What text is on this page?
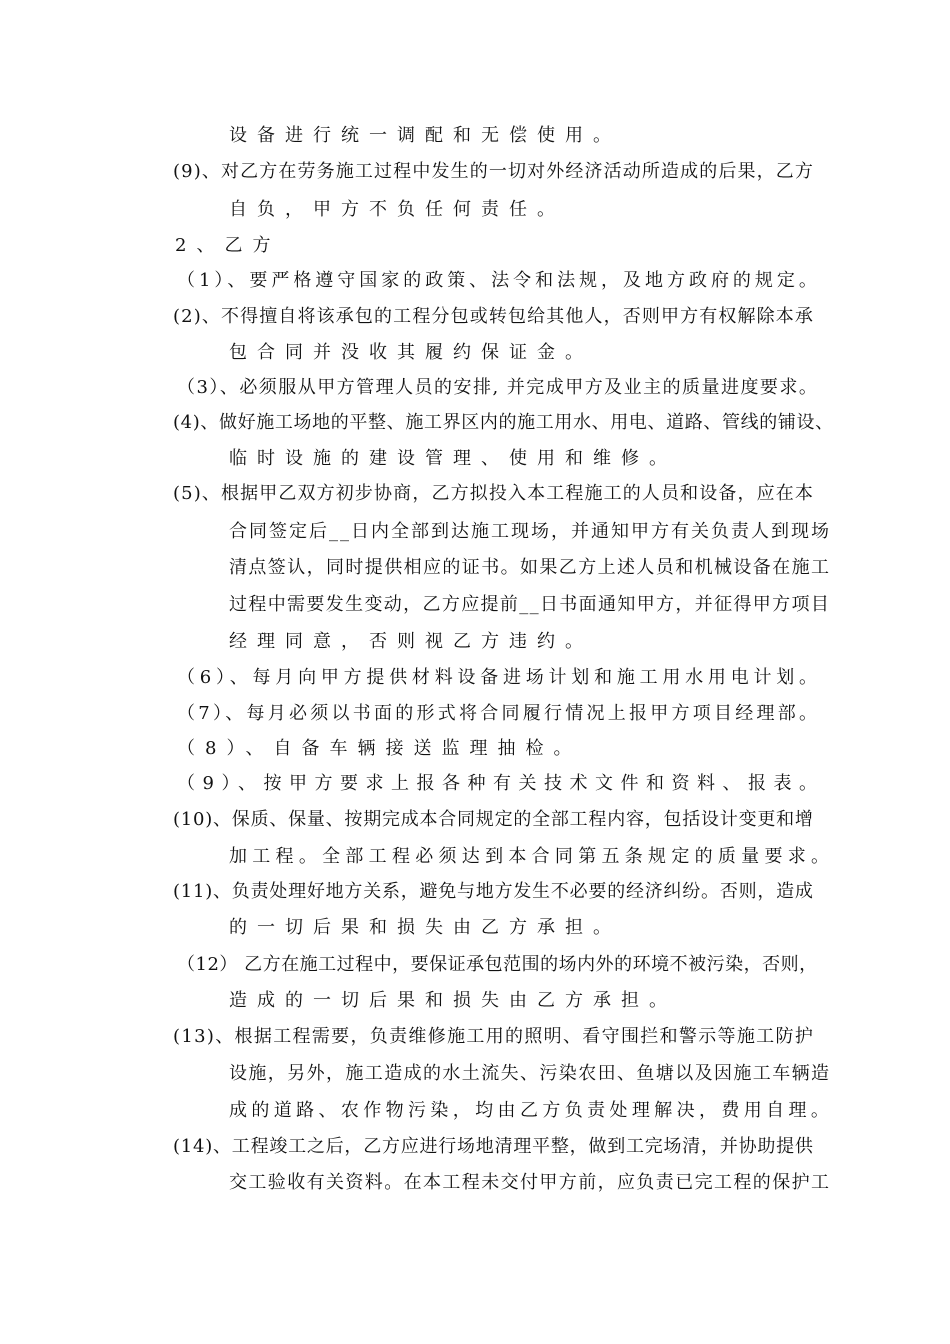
设备进行统一调配和无偿使用。
(9)、对乙方在劳务施工过程中发生的一切对外经济活动所造成的后果，乙方
自负，甲方不负任何责任。
2、乙方
（1）、要严格遵守国家的政策、法令和法规，及地方政府的规定。
(2)、不得擅自将该承包的工程分包或转包给其他人，否则甲方有权解除本承
包合同并没收其履约保证金。
（3）、必须服从甲方管理人员的安排, 并完成甲方及业主的质量进度要求。
(4)、做好施工场地的平整、施工界区内的施工用水、用电、道路、管线的铺设、
临时设施的建设管理、使用和维修。
(5)、根据甲乙双方初步协商，乙方拟投入本工程施工的人员和设备，应在本
合同签定后__日内全部到达施工现场，并通知甲方有关负责人到现场
清点签认，同时提供相应的证书。如果乙方上述人员和机械设备在施工
过程中需要发生变动，乙方应提前__日书面通知甲方，并征得甲方项目
经理同意，否则视乙方违约。
（6）、每月向甲方提供材料设备进场计划和施工用水用电计划。
（7）、每月必须以书面的形式将合同履行情况上报甲方项目经理部。
（8）、自备车辆接送监理抽检。
（9）、按甲方要求上报各种有关技术文件和资料、报表。
(10)、保质、保量、按期完成本合同规定的全部工程内容，包括设计变更和增
加工程。全部工程必须达到本合同第五条规定的质量要求。
(11)、负责处理好地方关系，避免与地方发生不必要的经济纠纷。否则，造成
的一切后果和损失由乙方承担。
（12） 乙方在施工过程中，要保证承包范围的场内外的环境不被污染，否则，
造成的一切后果和损失由乙方承担。
(13)、根据工程需要，负责维修施工用的照明、看守围拦和警示等施工防护
设施，另外，施工造成的水土流失、污染农田、鱼塘以及因施工车辆造
成的道路、农作物污染，均由乙方负责处理解决，费用自理。
(14)、工程竣工之后，乙方应进行场地清理平整，做到工完场清，并协助提供
交工验收有关资料。在本工程未交付甲方前，应负责已完工程的保护工
